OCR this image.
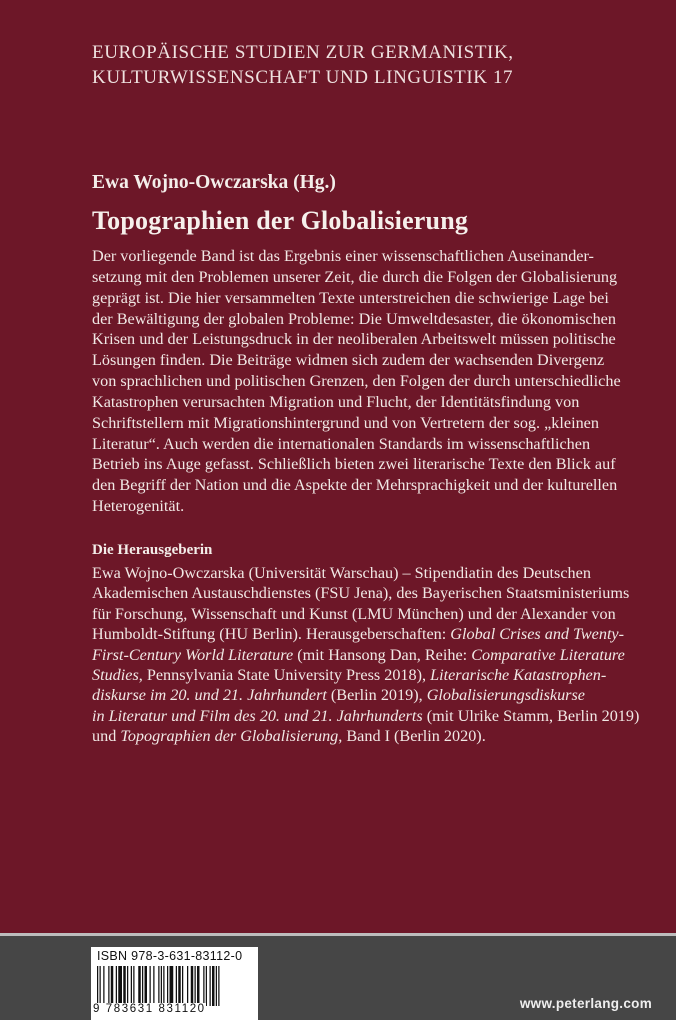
EUROPÄISCHE STUDIEN ZUR GERMANISTIK,
KULTURWISSENSCHAFT UND LINGUISTIK 17
Ewa Wojno-Owczarska (Hg.)
Topographien der Globalisierung
Der vorliegende Band ist das Ergebnis einer wissenschaftlichen Auseinander-
setzung mit den Problemen unserer Zeit, die durch die Folgen der Globalisierung
geprägt ist. Die hier versammelten Texte unterstreichen die schwierige Lage bei
der Bewältigung der globalen Probleme: Die Umweltdesaster, die ökonomischen
Krisen und der Leistungsdruck in der neoliberalen Arbeitswelt müssen politische
Lösungen finden. Die Beiträge widmen sich zudem der wachsenden Divergenz
von sprachlichen und politischen Grenzen, den Folgen der durch unterschiedliche
Katastrophen verursachten Migration und Flucht, der Identitätsfindung von
Schriftstellern mit Migrationshintergrund und von Vertretern der sog. „kleinen
Literatur“. Auch werden die internationalen Standards im wissenschaftlichen
Betrieb ins Auge gefasst. Schließlich bieten zwei literarische Texte den Blick auf
den Begriff der Nation und die Aspekte der Mehrsprachigkeit und der kulturellen
Heterogenität.
Die Herausgeberin
Ewa Wojno-Owczarska (Universität Warschau) – Stipendiatin des Deutschen
Akademischen Austauschdienstes (FSU Jena), des Bayerischen Staatsministeriums
für Forschung, Wissenschaft und Kunst (LMU München) und der Alexander von
Humboldt-Stiftung (HU Berlin). Herausgeberschaften: Global Crises and Twenty-
First-Century World Literature (mit Hansong Dan, Reihe: Comparative Literature
Studies, Pennsylvania State University Press 2018), Literarische Katastrophen-
diskurse im 20. und 21. Jahrhundert (Berlin 2019), Globalisierungsdiskurse
in Literatur und Film des 20. und 21. Jahrhunderts (mit Ulrike Stamm, Berlin 2019)
und Topographien der Globalisierung, Band I (Berlin 2020).
ISBN 978-3-631-83112-0
9 783631 831120	www.peterlang.com
